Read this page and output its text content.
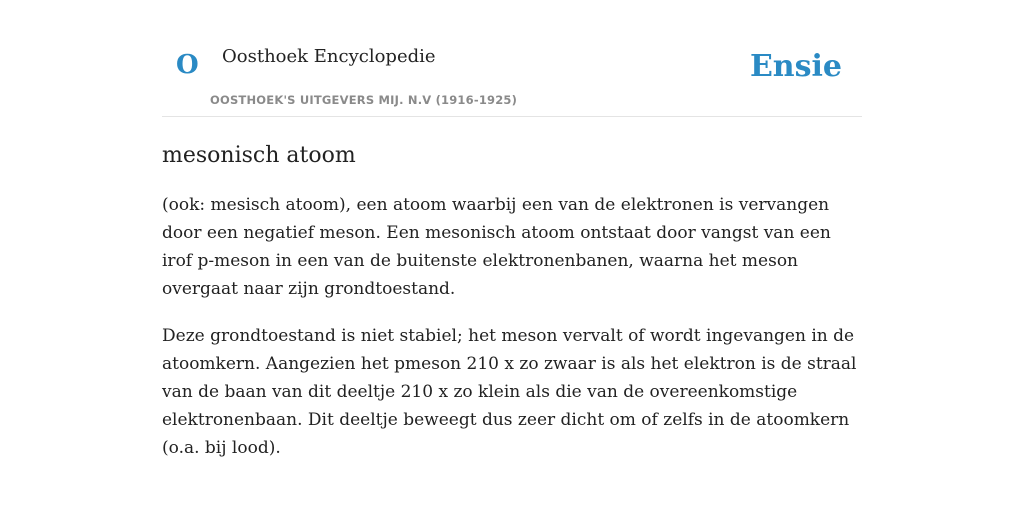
O Oosthoek Encyclopedie
OOSTHOEK'S UITGEVERS MIJ. N.V (1916-1925)
Ensie
mesonisch atoom

(ook: mesisch atoom), een atoom waarbij een van de elektronen is vervangen door een negatief meson. Een mesonisch atoom ontstaat door vangst van een irof p-meson in een van de buitenste elektronenbanen, waarna het meson overgaat naar zijn grondtoestand.

Deze grondtoestand is niet stabiel; het meson vervalt of wordt ingevangen in de atoomkern. Aangezien het pmeson 210 x zo zwaar is als het elektron is de straal van de baan van dit deeltje 210 x zo klein als die van de overeenkomstige elektronenbaan. Dit deeltje beweegt dus zeer dicht om of zelfs in de atoomkern (o.a. bij lood).
